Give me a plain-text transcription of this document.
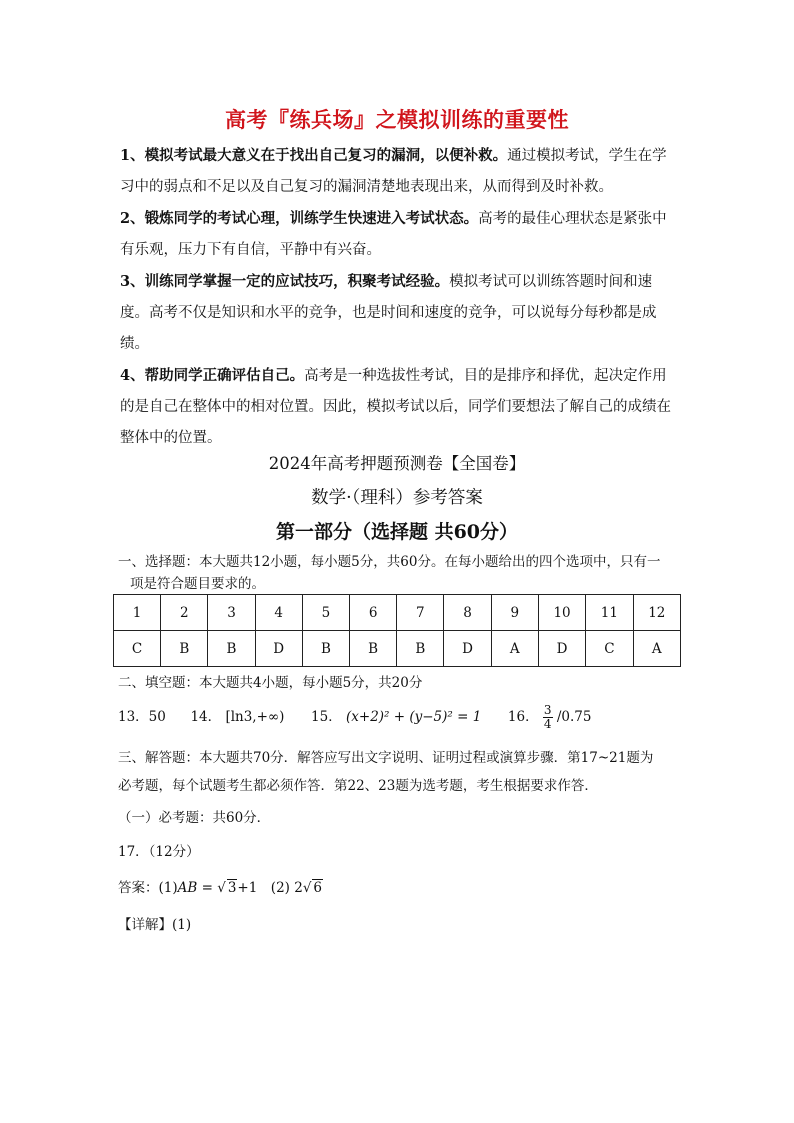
高考『练兵场』之模拟训练的重要性

1、模拟考试最大意义在于找出自己复习的漏洞，以便补救。通过模拟考试，学生在学习中的弱点和不足以及自己复习的漏洞清楚地表现出来，从而得到及时补救。

2、锻炼同学的考试心理，训练学生快速进入考试状态。高考的最佳心理状态是紧张中有乐观，压力下有自信，平静中有兴奋。

3、训练同学掌握一定的应试技巧，积聚考试经验。模拟考试可以训练答题时间和速度。高考不仅是知识和水平的竞争，也是时间和速度的竞争，可以说每分每秒都是成绩。

4、帮助同学正确评估自己。高考是一种选拔性考试，目的是排序和择优，起决定作用的是自己在整体中的相对位置。因此，模拟考试以后，同学们要想法了解自己的成绩在整体中的位置。

2024年高考押题预测卷【全国卷】
数学·（理科）参考答案
第一部分（选择题 共60分）
一、选择题：本大题共12小题，每小题5分，共60分。在每小题给出的四个选项中，只有一
项是符合题目要求的。
1	2	3	4	5	6	7	8	9	10	11	12
C	B	B	D	B	B	B	D	A	D	C	A
二、填空题：本大题共4小题，每小题5分，共20分
13．50 14． [ln3,+∞) 15． (x+2)² + (y−5)² = 1 16． $\frac{3}{4} /0.75$
三、解答题：本大题共70分．解答应写出文字说明、证明过程或演算步骤．第17~21题为
必考题，每个试题考生都必须作答．第22、23题为选考题，考生根据要求作答．
（一）必考题：共60分．
17．（12分）
答案：(1)AB = √ 3+1　(2) 2√ 6
【详解】(1)
